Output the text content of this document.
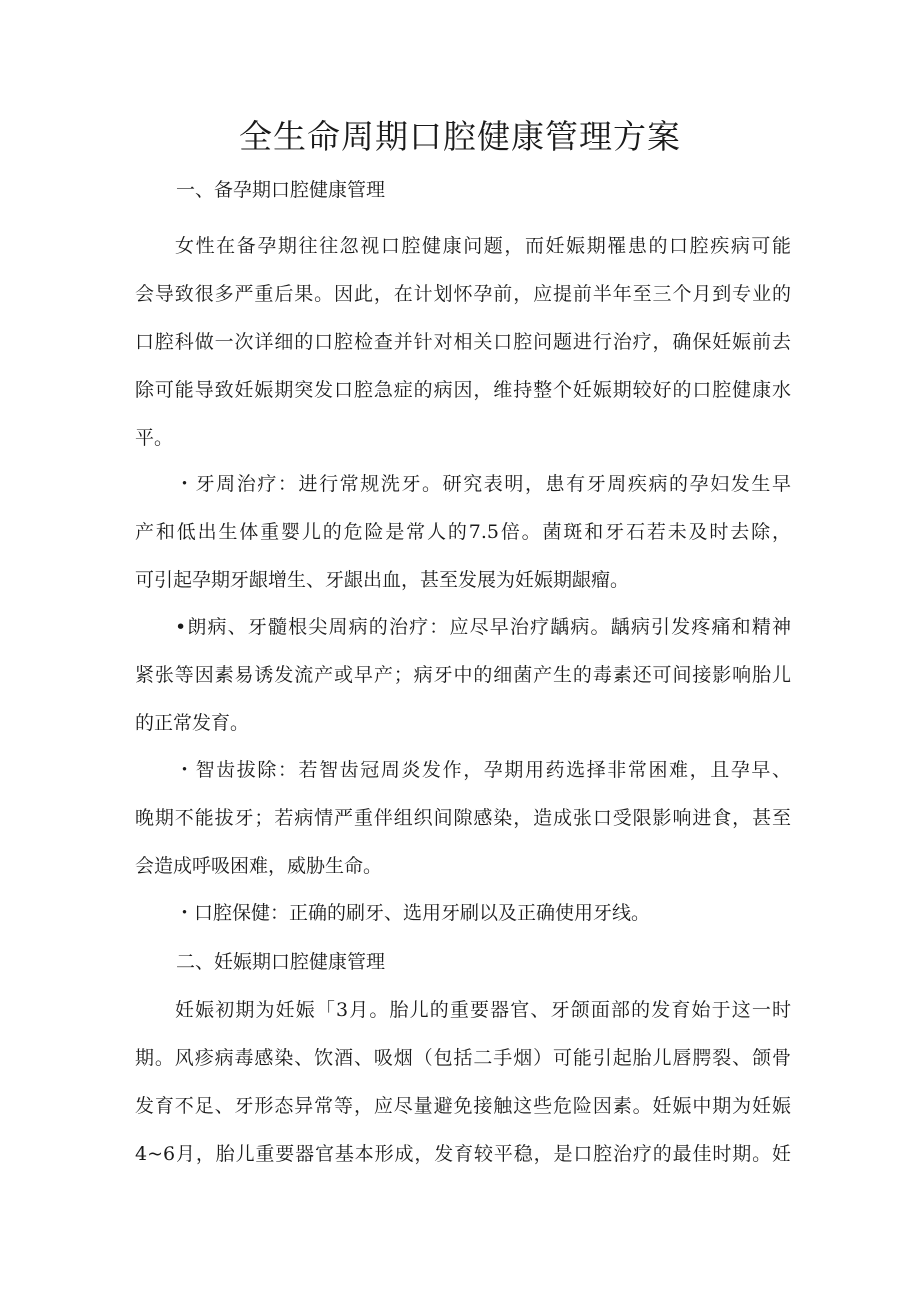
全生命周期口腔健康管理方案
一、备孕期口腔健康管理
女性在备孕期往往忽视口腔健康问题，而妊娠期罹患的口腔疾病可能
会导致很多严重后果。因此，在计划怀孕前，应提前半年至三个月到专业的
口腔科做一次详细的口腔检查并针对相关口腔问题进行治疗，确保妊娠前去
除可能导致妊娠期突发口腔急症的病因，维持整个妊娠期较好的口腔健康水
平。
・牙周治疗：进行常规洗牙。研究表明，患有牙周疾病的孕妇发生早
产和低出生体重婴儿的危险是常人的7.5倍。菌斑和牙石若未及时去除，
可引起孕期牙龈增生、牙龈出血，甚至发展为妊娠期龈瘤。
•朗病、牙髓根尖周病的治疗：应尽早治疗龋病。龋病引发疼痛和精神
紧张等因素易诱发流产或早产；病牙中的细菌产生的毒素还可间接影响胎儿
的正常发育。
・智齿拔除：若智齿冠周炎发作，孕期用药选择非常困难，且孕早、
晚期不能拔牙；若病情严重伴组织间隙感染，造成张口受限影响进食，甚至
会造成呼吸困难，威胁生命。
・口腔保健：正确的刷牙、选用牙刷以及正确使用牙线。
二、妊娠期口腔健康管理
妊娠初期为妊娠「3月。胎儿的重要器官、牙颌面部的发育始于这一时
期。风疹病毒感染、饮酒、吸烟（包括二手烟）可能引起胎儿唇腭裂、颌骨
发育不足、牙形态异常等，应尽量避免接触这些危险因素。妊娠中期为妊娠
4~6月，胎儿重要器官基本形成，发育较平稳，是口腔治疗的最佳时期。妊
